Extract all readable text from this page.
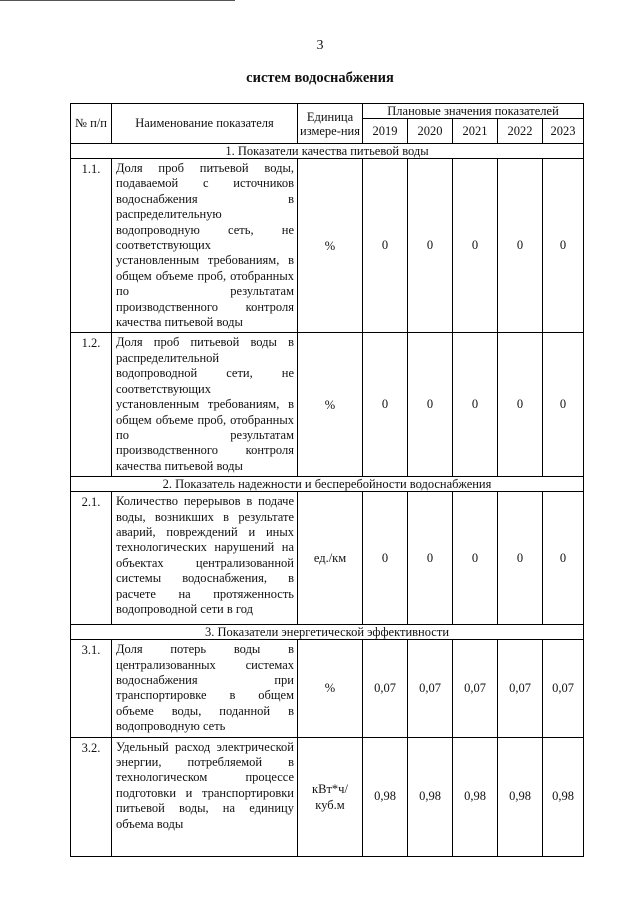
3
систем водоснабжения
№ п/п	Наименование показателя	Единица измере-ния	Плановые значения показателей				
			2019	2020	2021	2022	2023
1. Показатели качества питьевой воды							
1.1.	Доля проб питьевой воды, подаваемой с источников водоснабжения в распределительную водопроводную сеть, не соответствующих установленным требованиям, в общем объеме проб, отобранных по результатам производственного контроля качества питьевой воды	%	0	0	0	0	0
1.2.	Доля проб питьевой воды в распределительной водопроводной сети, не соответствующих установленным требованиям, в общем объеме проб, отобранных по результатам производственного контроля качества питьевой воды	%	0	0	0	0	0
2. Показатель надежности и бесперебойности водоснабжения							
2.1.	Количество перерывов в подаче воды, возникших в результате аварий, повреждений и иных технологических нарушений на объектах централизованной системы водоснабжения, в расчете на протяженность водопроводной сети в год	ед./км	0	0	0	0	0
3. Показатели энергетической эффективности							
3.1.	Доля потерь воды в централизованных системах водоснабжения при транспортировке в общем объеме воды, поданной в водопроводную сеть	%	0,07	0,07	0,07	0,07	0,07
3.2.	Удельный расход электрической энергии, потребляемой в технологическом процессе подготовки и транспортировки питьевой воды, на единицу объема воды	кВт*ч/ куб.м	0,98	0,98	0,98	0,98	0,98
